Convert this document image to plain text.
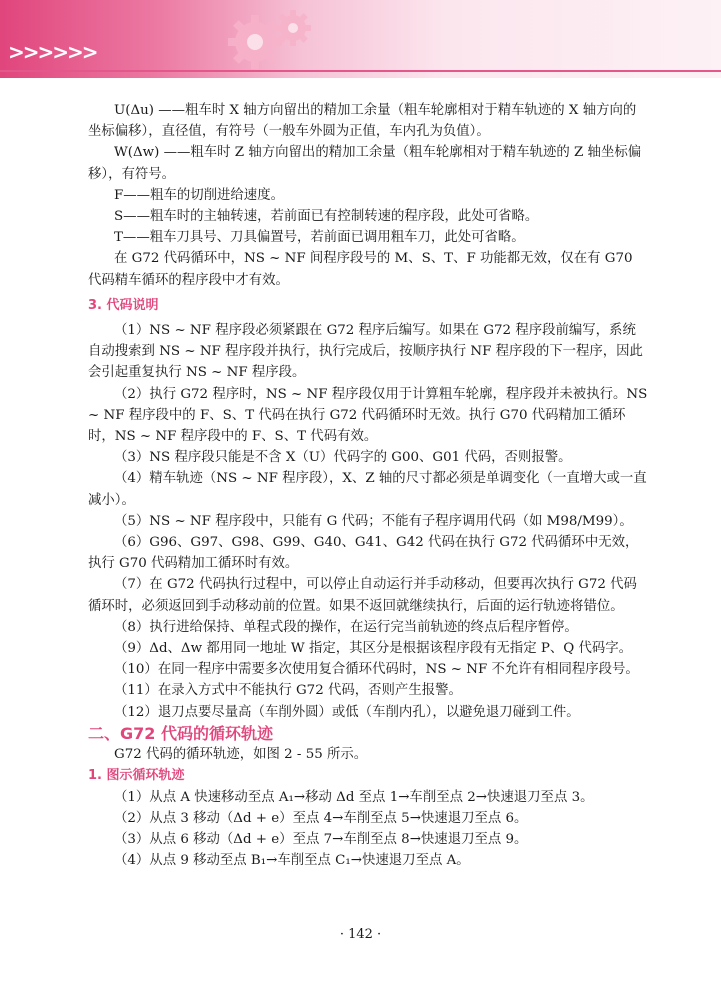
>>>>>>

U(Δu) ——粗车时 X 轴方向留出的精加工余量（粗车轮廓相对于精车轨迹的 X 轴方向的坐标偏移），直径值，有符号（一般车外圆为正值，车内孔为负值）。

W(Δw) ——粗车时 Z 轴方向留出的精加工余量（粗车轮廓相对于精车轨迹的 Z 轴坐标偏移），有符号。

F——粗车的切削进给速度。

S——粗车时的主轴转速，若前面已有控制转速的程序段，此处可省略。

T——粗车刀具号、刀具偏置号，若前面已调用粗车刀，此处可省略。

在 G72 代码循环中，NS ~ NF 间程序段号的 M、S、T、F 功能都无效，仅在有 G70 代码精车循环的程序段中才有效。

3. 代码说明

（1）NS ~ NF 程序段必须紧跟在 G72 程序后编写。如果在 G72 程序段前编写，系统自动搜索到 NS ~ NF 程序段并执行，执行完成后，按顺序执行 NF 程序段的下一程序，因此会引起重复执行 NS ~ NF 程序段。

（2）执行 G72 程序时，NS ~ NF 程序段仅用于计算粗车轮廓，程序段并未被执行。NS ~ NF 程序段中的 F、S、T 代码在执行 G72 代码循环时无效。执行 G70 代码精加工循环时，NS ~ NF 程序段中的 F、S、T 代码有效。

（3）NS 程序段只能是不含 X（U）代码字的 G00、G01 代码，否则报警。

（4）精车轨迹（NS ~ NF 程序段），X、Z 轴的尺寸都必须是单调变化（一直增大或一直减小）。

（5）NS ~ NF 程序段中，只能有 G 代码；不能有子程序调用代码（如 M98/M99）。

（6）G96、G97、G98、G99、G40、G41、G42 代码在执行 G72 代码循环中无效，执行 G70 代码精加工循环时有效。

（7）在 G72 代码执行过程中，可以停止自动运行并手动移动，但要再次执行 G72 代码循环时，必须返回到手动移动前的位置。如果不返回就继续执行，后面的运行轨迹将错位。

（8）执行进给保持、单程式段的操作，在运行完当前轨迹的终点后程序暂停。

（9）Δd、Δw 都用同一地址 W 指定，其区分是根据该程序段有无指定 P、Q 代码字。

（10）在同一程序中需要多次使用复合循环代码时，NS ~ NF 不允许有相同程序段号。

（11）在录入方式中不能执行 G72 代码，否则产生报警。

（12）退刀点要尽量高（车削外圆）或低（车削内孔），以避免退刀碰到工件。

二、G72 代码的循环轨迹

G72 代码的循环轨迹，如图 2 - 55 所示。

1. 图示循环轨迹

（1）从点 A 快速移动至点 A₁→移动 Δd 至点 1→车削至点 2→快速退刀至点 3。

（2）从点 3 移动（Δd + e）至点 4→车削至点 5→快速退刀至点 6。

（3）从点 6 移动（Δd + e）至点 7→车削至点 8→快速退刀至点 9。

（4）从点 9 移动至点 B₁→车削至点 C₁→快速退刀至点 A。

· 142 ·
